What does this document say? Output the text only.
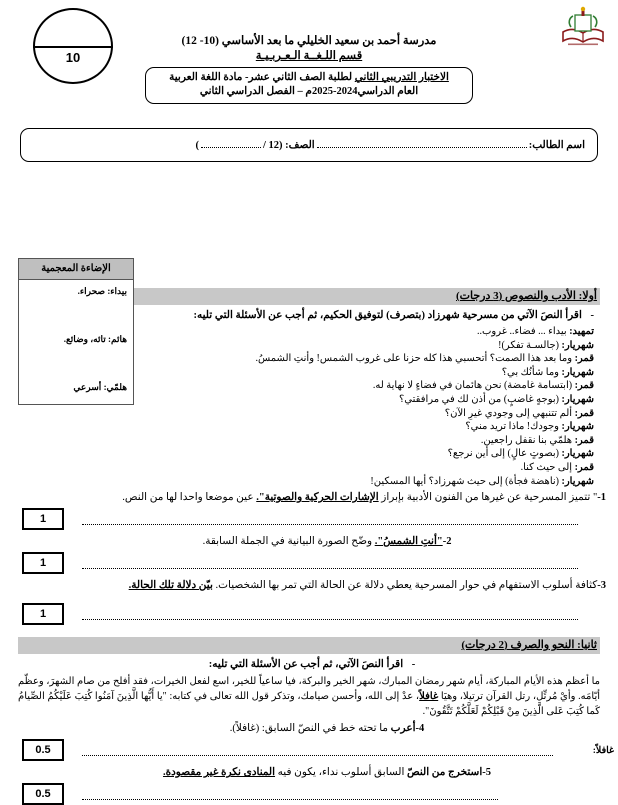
10
مدرسة أحمد بن سعيد الخليلي ما بعد الأساسي (10- 12)
قسم اللـغــة الـعـربـيـة
الاختبار التدريبي الثاني لطلبة الصف الثاني عشر- مادة اللغة العربية
العام الدراسي2024-2025م – الفصل الدراسي الثاني
اسم الطالب:
الصف: (12 /
)
أولا: الأدب والنصوص (3 درجات)
- اقرأ النصَ الآتي من مسرحية شهرزاد (بتصرف) لتوفيق الحكيم، ثم أجب عن الأسئلة التي تليه:
تمهيد: بيداء ... فضاء.. غروب..
شهريار: (جالسـة تفكر)!
قمر: وما بعد هذا الصمت؟ أتحسبي هذا كله حزنا على غروب الشمس! وأنتِ الشمسُ.
شهريار: وما شأنُك بي؟
قمر: (ابتسامة غامضة) نحن هائمان في فضاءٍ لا نهاية له.
شهريار: (بوجهٍ غاضبٍ) من أذن لك في مرافقتي؟
قمر: ألم تتنبهي إلى وجودي غيرِ الآن؟
شهريار: وجودك! ماذا تريد مني؟
قمر: هلمّي بنا نقفل راجعين.
شهريار: (بصوتٍ عالٍ) إلى أين نرجع؟
قمر: إلى حيث كنا.
شهريار: (ناهضة فجأة) إلى حيث شهرزاد؟ أيها المسكين!
الإضاءة المعجمية
بيداء: صحراء.
هائم: تائه، وضائع.
هلمّي: أسرعي
1-" تتميز المسرحية عن غيرها من الفنون الأدبية بإبراز الإشارات الحركية والصوتية". عين موضعا واحدا لها من النص.
1
2-"أنتِ الشمسُ". وضّح الصورة البيانية في الجملة السابقة.
1
3-كثافة أسلوب الاستفهام في حوار المسرحية يعطي دلالة عن الحالة التي تمر بها الشخصيات. بيّن دلالة تلك الحالة.
1
ثانيا: النحو والصرف (2 درجات)
- اقرأ النصَ الآتي، ثم أجب عن الأسئلة التي تليه:
ما أعظم هذه الأيام المباركة، أيام شهر رمضان المبارك، شهر الخير والبركة، فيا ساعياً للخير، اسع لفعل الخيرات، فقد أفلح من صام الشهرَ، وعظّم أيّامَه. وأيْ مُرتِّل، رتل القرآن ترتيلا، وهيَا غافلاً، عدْ إلى الله، وأحسن صيامك، وتذكر قول الله تعالى في كتابه: "يا أَيُّها الَّذِينَ آمَنُوا كُتِبَ عَلَيْكُمُ الصِّيامُ كَما كُتِبَ عَلى الَّذِينَ مِنْ قَبْلِكُمْ لَعَلَّكُمْ تَتَّقُونَ".
4-أعرب ما تحته خط في النصّ السابق: (غافلاً).
0.5	غافلاً:
5-استخرج من النصّ السابق أسلوب نداء، يكون فيه المنادى نكرة غير مقصودة.
0.5
